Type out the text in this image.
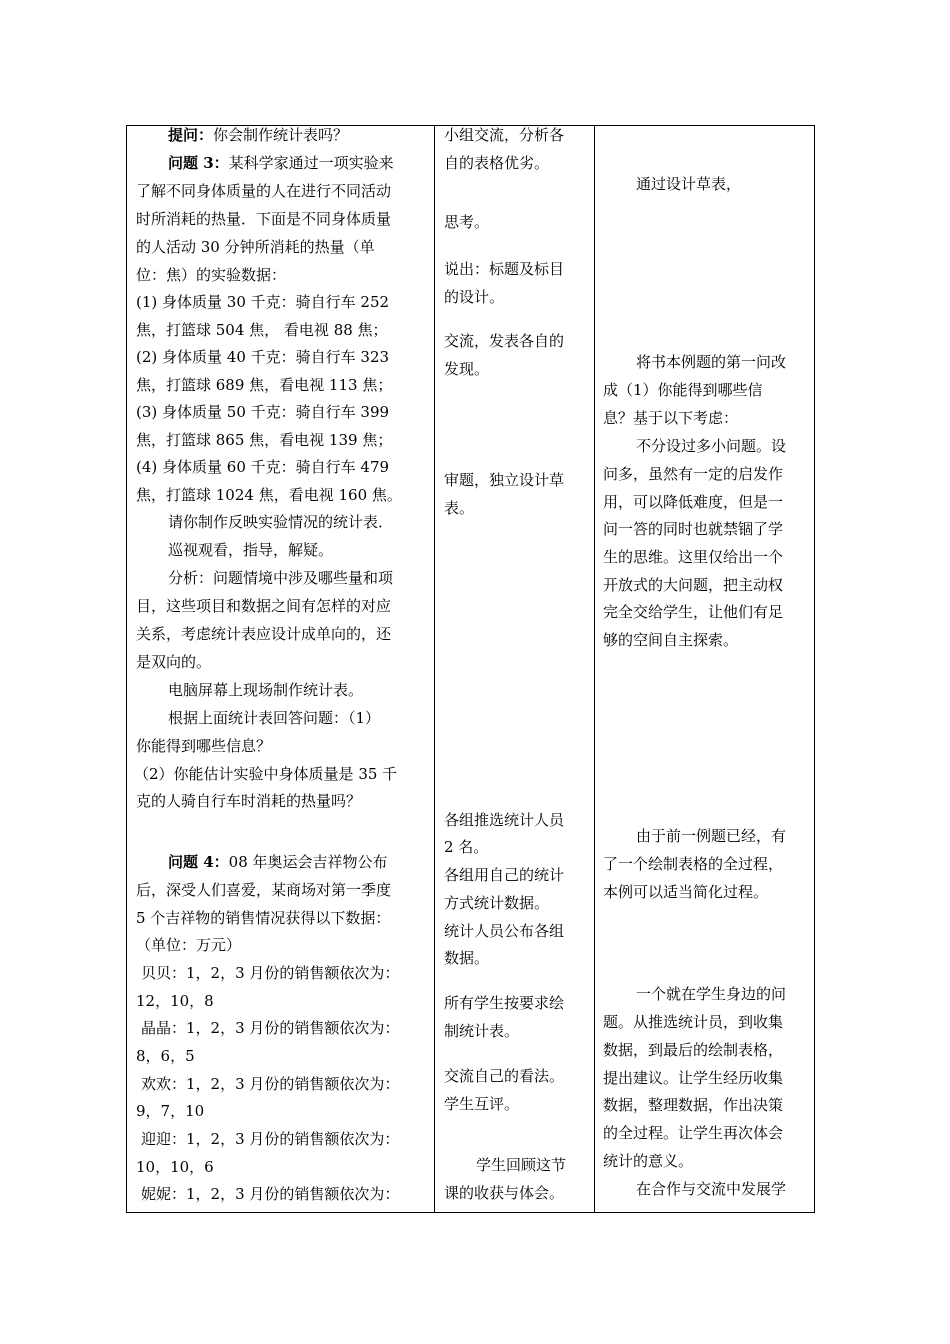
提问：你会制作统计表吗？
问题 3：某科学家通过一项实验来
了解不同身体质量的人在进行不同活动
时所消耗的热量．下面是不同身体质量
的人活动 30 分钟所消耗的热量（单
位：焦）的实验数据：
(1) 身体质量 30 千克：骑自行车 252
焦，打篮球 504 焦， 看电视 88 焦；
(2) 身体质量 40 千克：骑自行车 323
焦，打篮球 689 焦，看电视 113 焦；
(3) 身体质量 50 千克：骑自行车 399
焦，打篮球 865 焦，看电视 139 焦；
(4) 身体质量 60 千克：骑自行车 479
焦，打篮球 1024 焦，看电视 160 焦。
请你制作反映实验情况的统计表．
巡视观看，指导，解疑。
分析：问题情境中涉及哪些量和项
目，这些项目和数据之间有怎样的对应
关系，考虑统计表应设计成单向的，还
是双向的。
电脑屏幕上现场制作统计表。
根据上面统计表回答问题：（1）
你能得到哪些信息？
（2）你能估计实验中身体质量是 35 千
克的人骑自行车时消耗的热量吗？
问题 4：08 年奥运会吉祥物公布
后，深受人们喜爱，某商场对第一季度
5 个吉祥物的销售情况获得以下数据：
（单位：万元）
贝贝：1，2，3 月份的销售额依次为：
12，10，8
晶晶：1，2，3 月份的销售额依次为：
8，6，5
欢欢：1，2，3 月份的销售额依次为：
9，7，10
迎迎：1，2，3 月份的销售额依次为：
10，10，6
妮妮：1，2，3 月份的销售额依次为：
小组交流，分析各
自的表格优劣。
思考。
说出：标题及标目
的设计。
交流，发表各自的
发现。
审题，独立设计草
表。
各组推选统计人员
2 名。
各组用自己的统计
方式统计数据。
统计人员公布各组
数据。
所有学生按要求绘
制统计表。
交流自己的看法。
学生互评。
学生回顾这节
课的收获与体会。
通过设计草表，
将书本例题的第一问改
成（1）你能得到哪些信
息？基于以下考虑：
不分设过多小问题。设
问多，虽然有一定的启发作
用，可以降低难度，但是一
问一答的同时也就禁锢了学
生的思维。这里仅给出一个
开放式的大问题，把主动权
完全交给学生，让他们有足
够的空间自主探索。
由于前一例题已经，有
了一个绘制表格的全过程，
本例可以适当简化过程。
一个就在学生身边的问
题。从推选统计员，到收集
数据，到最后的绘制表格，
提出建议。让学生经历收集
数据，整理数据，作出决策
的全过程。让学生再次体会
统计的意义。
在合作与交流中发展学
